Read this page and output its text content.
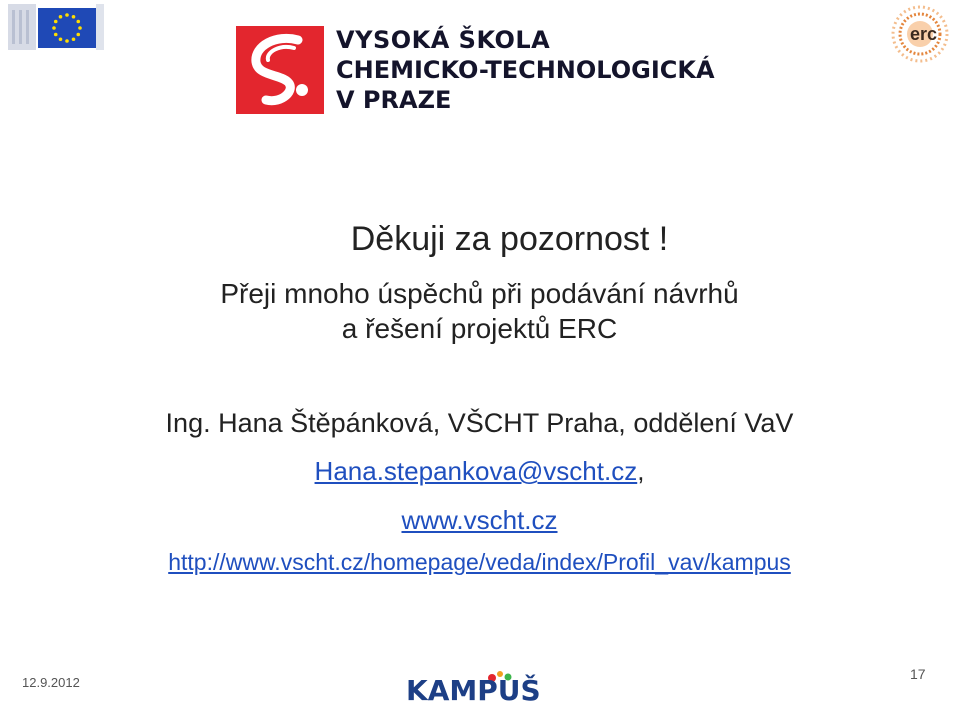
VYSOKÁ ŠKOLA
CHEMICKO-TECHNOLOGICKÁ
V PRAZE
erc
Děkuji za pozornost !
Přeji mnoho úspěchů při podávání návrhů
a řešení projektů ERC
Ing. Hana Štěpánková, VŠCHT Praha, oddělení VaV
Hana.stepankova@vscht.cz,
www.vscht.cz
http://www.vscht.cz/homepage/veda/index/Profil_vav/kampus
12.9.2012	KAMPUŠ	17
